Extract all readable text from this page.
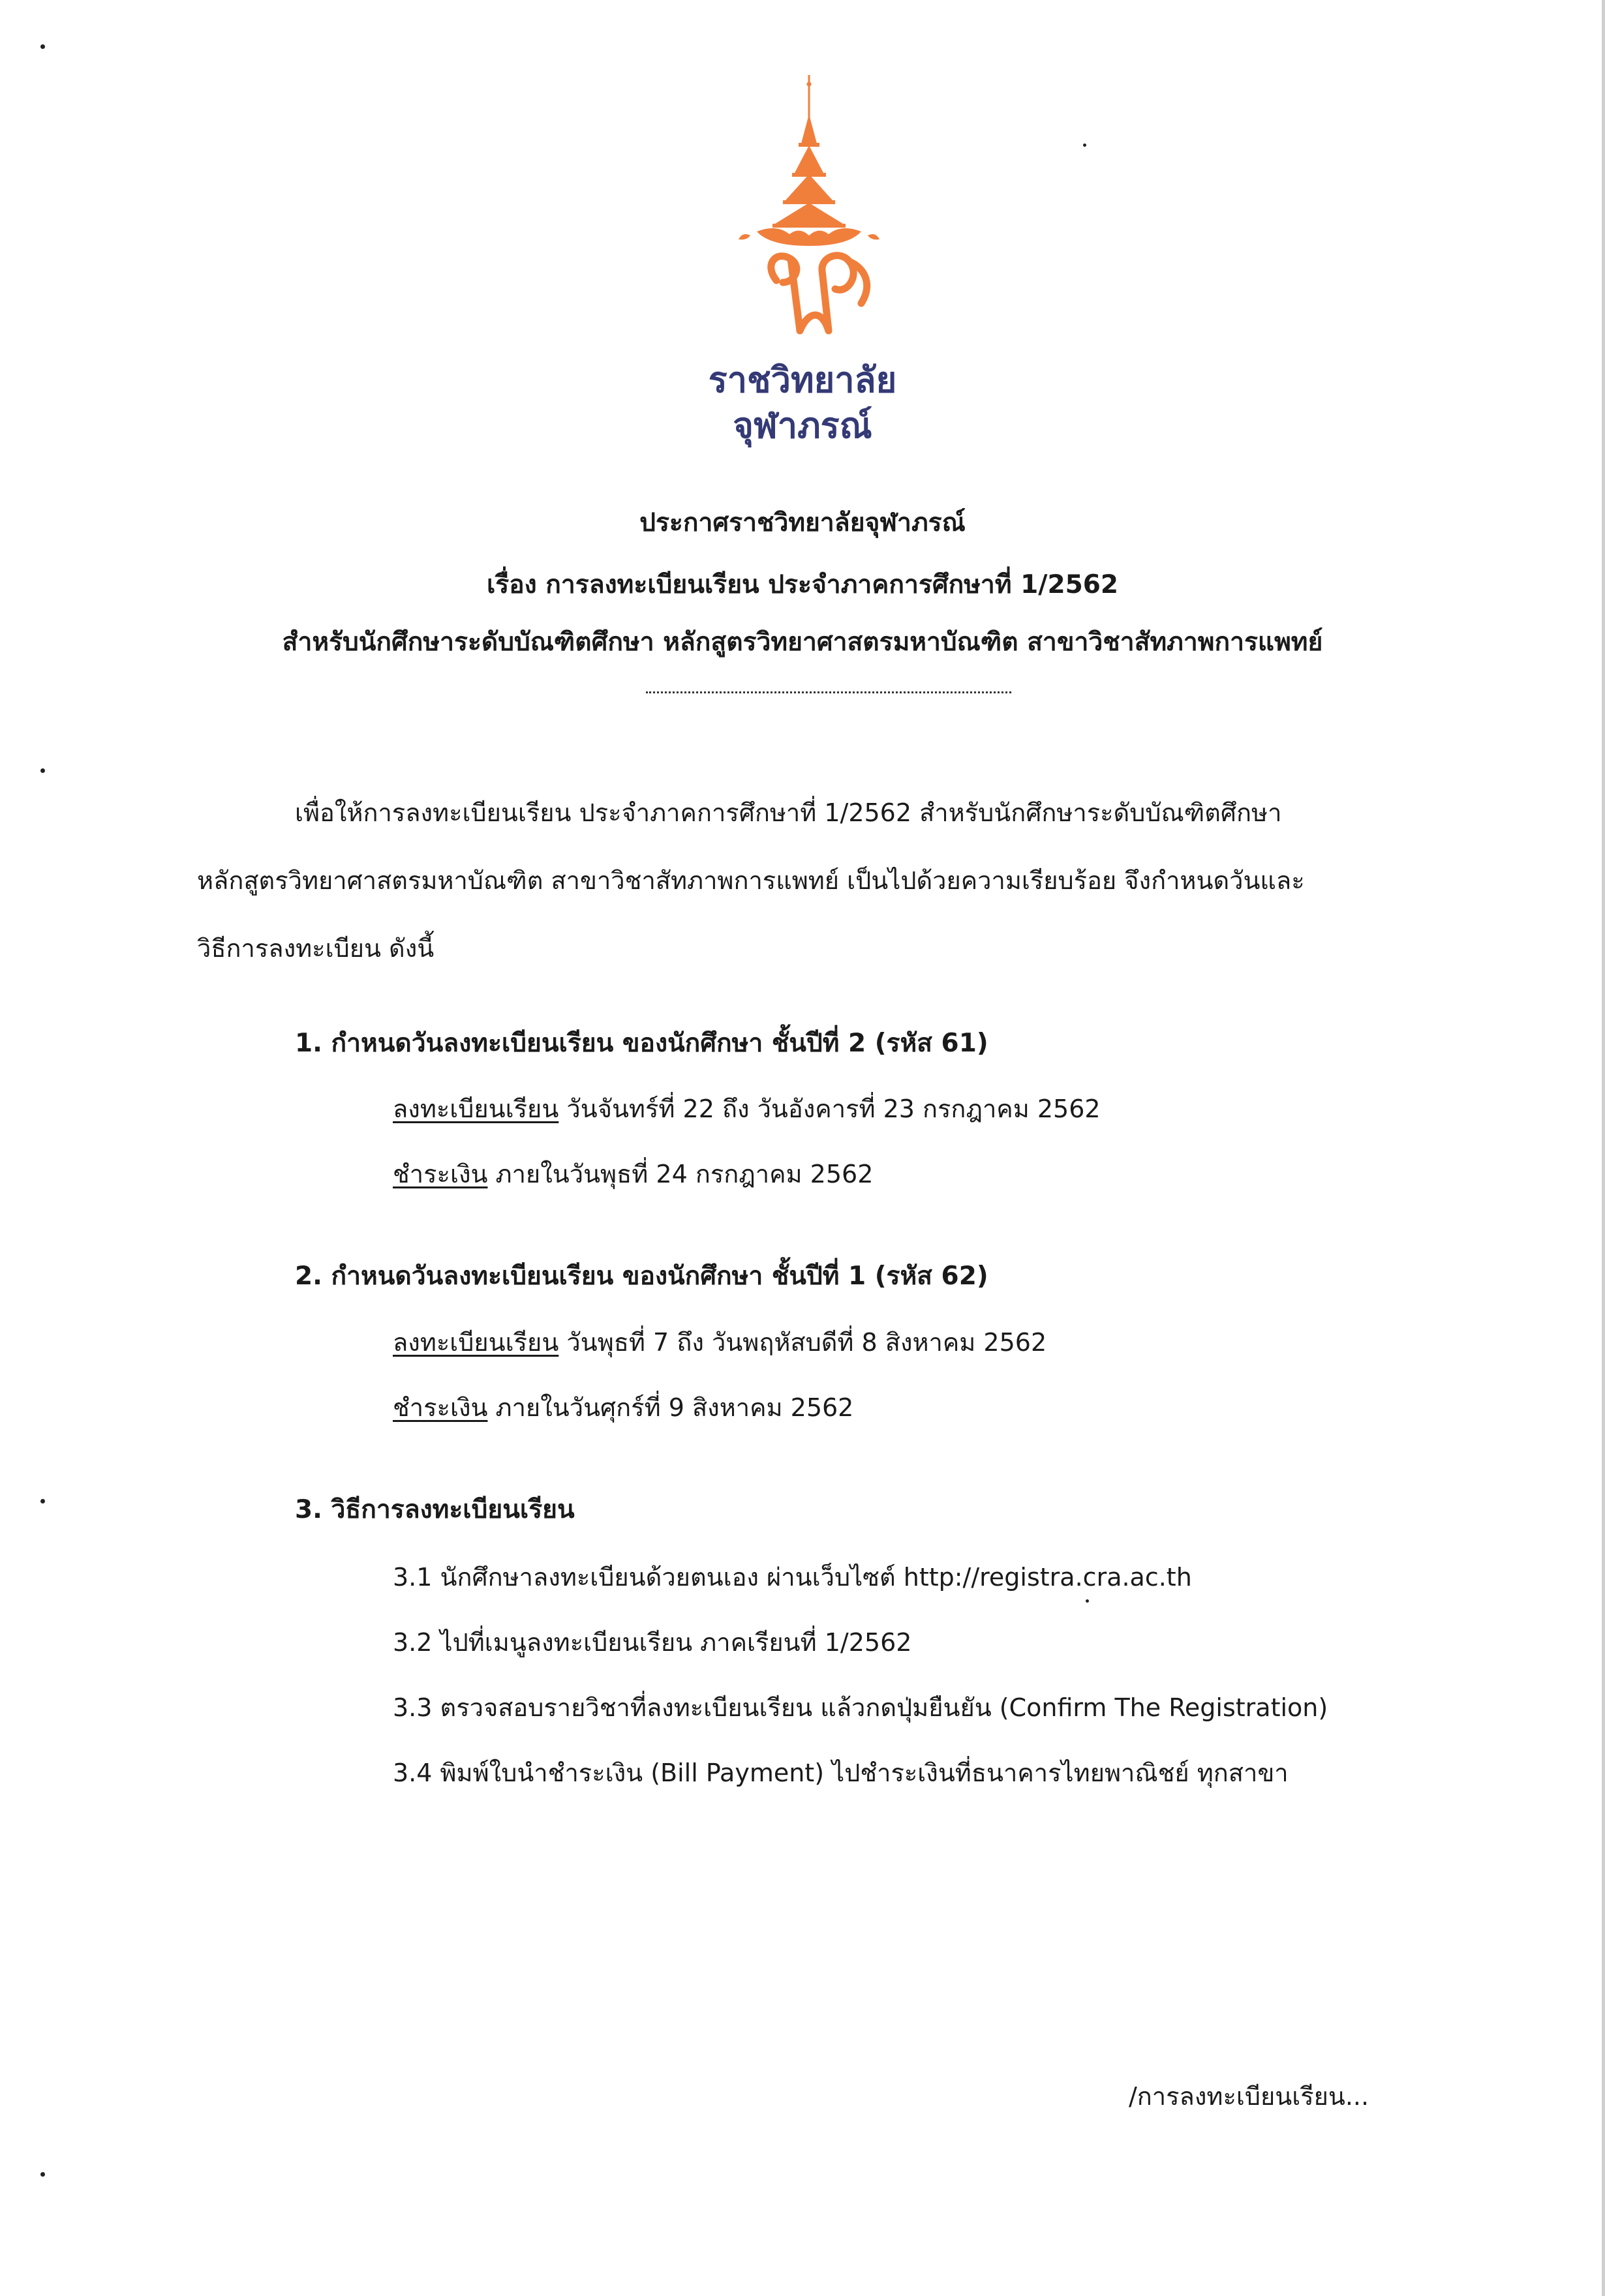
ราชวิทยาลัย
จุฬาภรณ์
ประกาศราชวิทยาลัยจุฬาภรณ์
เรื่อง การลงทะเบียนเรียน ประจำภาคการศึกษาที่ 1/2562
สำหรับนักศึกษาระดับบัณฑิตศึกษา หลักสูตรวิทยาศาสตรมหาบัณฑิต สาขาวิชาสัทภาพการแพทย์
เพื่อให้การลงทะเบียนเรียน ประจำภาคการศึกษาที่ 1/2562 สำหรับนักศึกษาระดับบัณฑิตศึกษา
หลักสูตรวิทยาศาสตรมหาบัณฑิต สาขาวิชาสัทภาพการแพทย์ เป็นไปด้วยความเรียบร้อย จึงกำหนดวันและ
วิธีการลงทะเบียน ดังนี้
1. กำหนดวันลงทะเบียนเรียน ของนักศึกษา ชั้นปีที่ 2 (รหัส 61)
ลงทะเบียนเรียน วันจันทร์ที่ 22 ถึง วันอังคารที่ 23 กรกฎาคม 2562
ชำระเงิน ภายในวันพุธที่ 24 กรกฎาคม 2562
2. กำหนดวันลงทะเบียนเรียน ของนักศึกษา ชั้นปีที่ 1 (รหัส 62)
ลงทะเบียนเรียน วันพุธที่ 7 ถึง วันพฤหัสบดีที่ 8 สิงหาคม 2562
ชำระเงิน ภายในวันศุกร์ที่ 9 สิงหาคม 2562
3. วิธีการลงทะเบียนเรียน
3.1 นักศึกษาลงทะเบียนด้วยตนเอง ผ่านเว็บไซต์ http://registra.cra.ac.th
3.2 ไปที่เมนูลงทะเบียนเรียน ภาคเรียนที่ 1/2562
3.3 ตรวจสอบรายวิชาที่ลงทะเบียนเรียน แล้วกดปุ่มยืนยัน (Confirm The Registration)
3.4 พิมพ์ใบนำชำระเงิน (Bill Payment) ไปชำระเงินที่ธนาคารไทยพาณิชย์ ทุกสาขา
/การลงทะเบียนเรียน...
